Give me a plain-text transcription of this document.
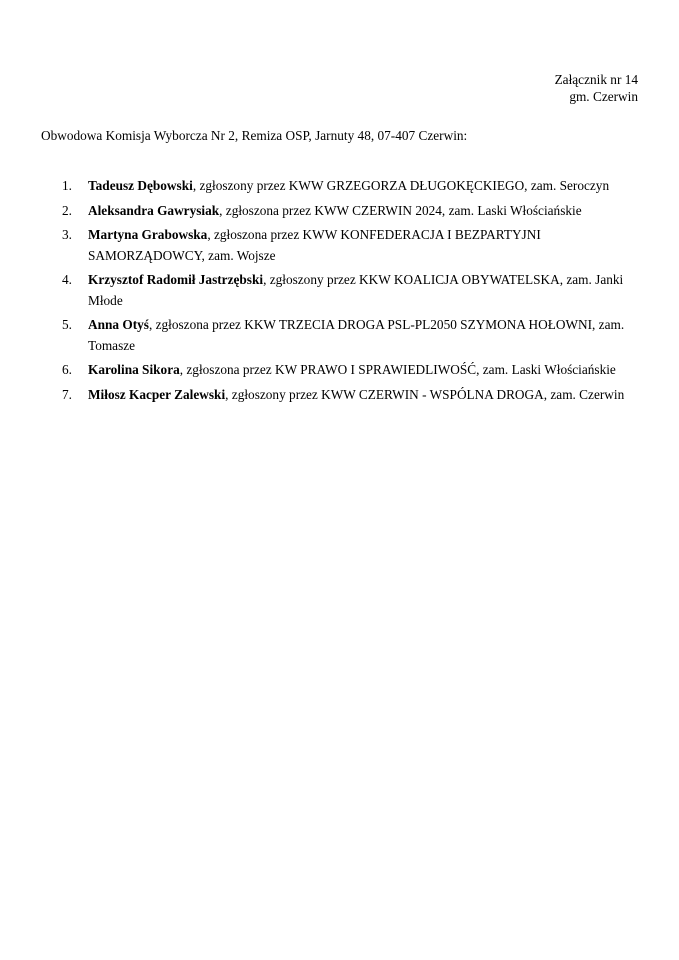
Załącznik nr 14
gm. Czerwin
Obwodowa Komisja Wyborcza Nr 2, Remiza OSP, Jarnuty 48, 07-407 Czerwin:
1. Tadeusz Dębowski, zgłoszony przez KWW GRZEGORZA DŁUGOKĘCKIEGO, zam. Seroczyn
2. Aleksandra Gawrysiak, zgłoszona przez KWW CZERWIN 2024, zam. Laski Włościańskie
3. Martyna Grabowska, zgłoszona przez KWW KONFEDERACJA I BEZPARTYJNI SAMORZĄDOWCY, zam. Wojsze
4. Krzysztof Radomił Jastrzębski, zgłoszony przez KKW KOALICJA OBYWATELSKA, zam. Janki Młode
5. Anna Otyś, zgłoszona przez KKW TRZECIA DROGA PSL-PL2050 SZYMONA HOŁOWNI, zam. Tomasze
6. Karolina Sikora, zgłoszona przez KW PRAWO I SPRAWIEDLIWOŚĆ, zam. Laski Włościańskie
7. Miłosz Kacper Zalewski, zgłoszony przez KWW CZERWIN - WSPÓLNA DROGA, zam. Czerwin
